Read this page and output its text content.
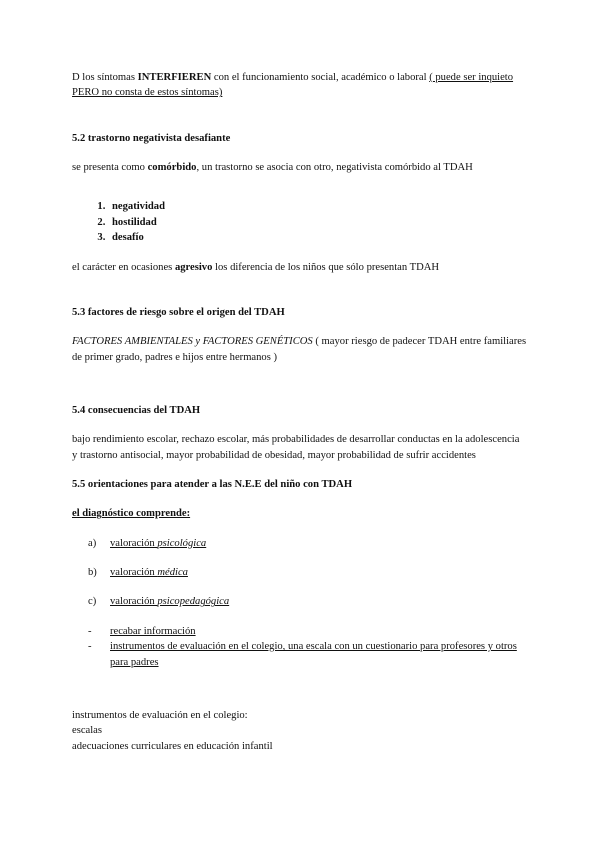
D los síntomas INTERFIEREN con el funcionamiento social, académico o laboral ( puede ser inquieto PERO no consta de estos síntomas)

5.2 trastorno negativista desafiante

se presenta como comórbido, un trastorno se asocia con otro, negativista comórbido al TDAH

1. negatividad
2. hostilidad
3. desafío

el carácter en ocasiones agresivo los diferencia de los niños que sólo presentan TDAH

5.3 factores de riesgo sobre el origen del TDAH

FACTORES AMBIENTALES y FACTORES GENÉTICOS ( mayor riesgo de padecer TDAH entre familiares de primer grado, padres e hijos entre hermanos )

5.4 consecuencias del TDAH

bajo rendimiento escolar, rechazo escolar, más probabilidades de desarrollar conductas en la adolescencia y trastorno antisocial, mayor probabilidad de obesidad, mayor probabilidad de sufrir accidentes

5.5 orientaciones para atender a las N.E.E del niño con TDAH

el diagnóstico comprende:

a)	valoración psicológica
b)	valoración médica
c)	valoración psicopedagógica
-	recabar información
-	instrumentos de evaluación en el colegio, una escala con un cuestionario para profesores y otros para padres

instrumentos de evaluación en el colegio:

escalas

adecuaciones curriculares en educación infantil
